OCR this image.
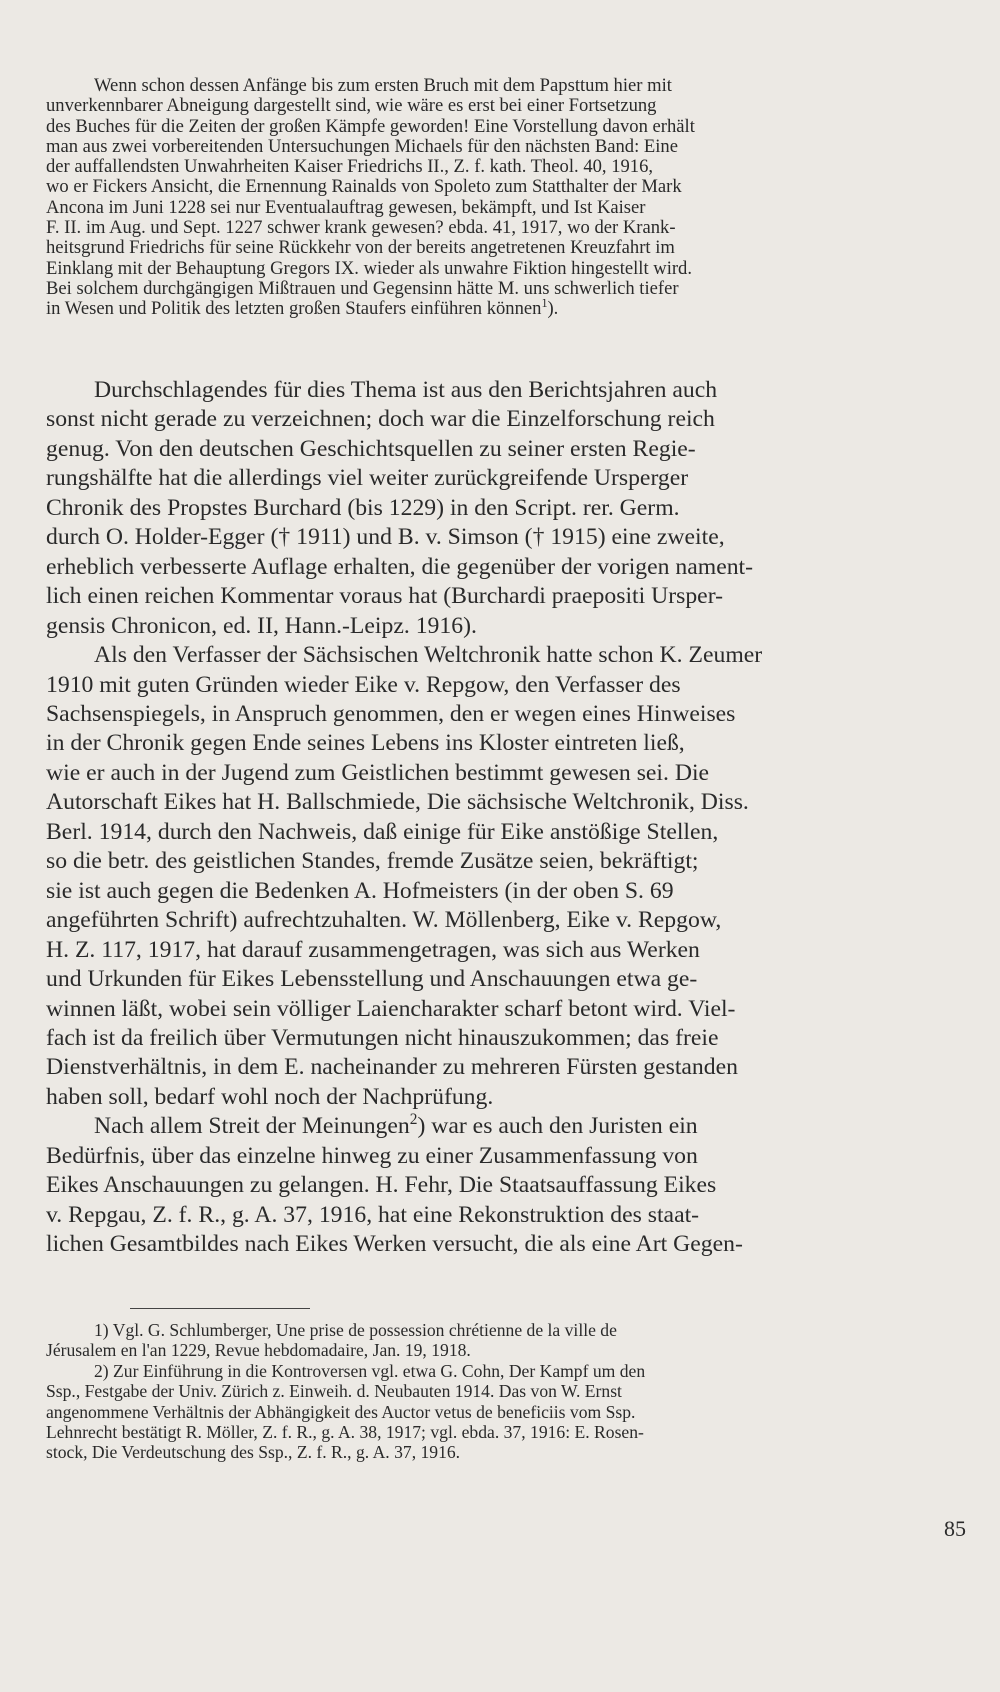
Wenn schon dessen Anfänge bis zum ersten Bruch mit dem Papsttum hier mit
unverkennbarer Abneigung dargestellt sind, wie wäre es erst bei einer Fortsetzung
des Buches für die Zeiten der großen Kämpfe geworden! Eine Vorstellung davon erhält
man aus zwei vorbereitenden Untersuchungen Michaels für den nächsten Band: Eine
der auffallendsten Unwahrheiten Kaiser Friedrichs II., Z. f. kath. Theol. 40, 1916,
wo er Fickers Ansicht, die Ernennung Rainalds von Spoleto zum Statthalter der Mark
Ancona im Juni 1228 sei nur Eventualauftrag gewesen, bekämpft, und Ist Kaiser
F. II. im Aug. und Sept. 1227 schwer krank gewesen? ebda. 41, 1917, wo der Krank-
heitsgrund Friedrichs für seine Rückkehr von der bereits angetretenen Kreuzfahrt im
Einklang mit der Behauptung Gregors IX. wieder als unwahre Fiktion hingestellt wird.
Bei solchem durchgängigen Mißtrauen und Gegensinn hätte M. uns schwerlich tiefer
in Wesen und Politik des letzten großen Staufers einführen können$^1$).
Durchschlagendes für dies Thema ist aus den Berichtsjahren auch
sonst nicht gerade zu verzeichnen; doch war die Einzelforschung reich
genug. Von den deutschen Geschichtsquellen zu seiner ersten Regie-
rungshälfte hat die allerdings viel weiter zurückgreifende Ursperger
Chronik des Propstes Burchard (bis 1229) in den Script. rer. Germ.
durch O. Holder-Egger († 1911) und B. v. Simson († 1915) eine zweite,
erheblich verbesserte Auflage erhalten, die gegenüber der vorigen nament-
lich einen reichen Kommentar voraus hat (Burchardi praepositi Ursper-
gensis Chronicon, ed. II, Hann.-Leipz. 1916).
Als den Verfasser der Sächsischen Weltchronik hatte schon K. Zeumer
1910 mit guten Gründen wieder Eike v. Repgow, den Verfasser des
Sachsenspiegels, in Anspruch genommen, den er wegen eines Hinweises
in der Chronik gegen Ende seines Lebens ins Kloster eintreten ließ,
wie er auch in der Jugend zum Geistlichen bestimmt gewesen sei. Die
Autorschaft Eikes hat H. Ballschmiede, Die sächsische Weltchronik, Diss.
Berl. 1914, durch den Nachweis, daß einige für Eike anstößige Stellen,
so die betr. des geistlichen Standes, fremde Zusätze seien, bekräftigt;
sie ist auch gegen die Bedenken A. Hofmeisters (in der oben S. 69
angeführten Schrift) aufrechtzuhalten. W. Möllenberg, Eike v. Repgow,
H. Z. 117, 1917, hat darauf zusammengetragen, was sich aus Werken
und Urkunden für Eikes Lebensstellung und Anschauungen etwa ge-
winnen läßt, wobei sein völliger Laiencharakter scharf betont wird. Viel-
fach ist da freilich über Vermutungen nicht hinauszukommen; das freie
Dienstverhältnis, in dem E. nacheinander zu mehreren Fürsten gestanden
haben soll, bedarf wohl noch der Nachprüfung.
Nach allem Streit der Meinungen$^2$) war es auch den Juristen ein
Bedürfnis, über das einzelne hinweg zu einer Zusammenfassung von
Eikes Anschauungen zu gelangen. H. Fehr, Die Staatsauffassung Eikes
v. Repgau, Z. f. R., g. A. 37, 1916, hat eine Rekonstruktion des staat-
lichen Gesamtbildes nach Eikes Werken versucht, die als eine Art Gegen-
1) Vgl. G. Schlumberger, Une prise de possession chrétienne de la ville de
Jérusalem en l'an 1229, Revue hebdomadaire, Jan. 19, 1918.
2) Zur Einführung in die Kontroversen vgl. etwa G. Cohn, Der Kampf um den
Ssp., Festgabe der Univ. Zürich z. Einweih. d. Neubauten 1914. Das von W. Ernst
angenommene Verhältnis der Abhängigkeit des Auctor vetus de beneficiis vom Ssp.
Lehnrecht bestätigt R. Möller, Z. f. R., g. A. 38, 1917; vgl. ebda. 37, 1916: E. Rosen-
stock, Die Verdeutschung des Ssp., Z. f. R., g. A. 37, 1916.
85
